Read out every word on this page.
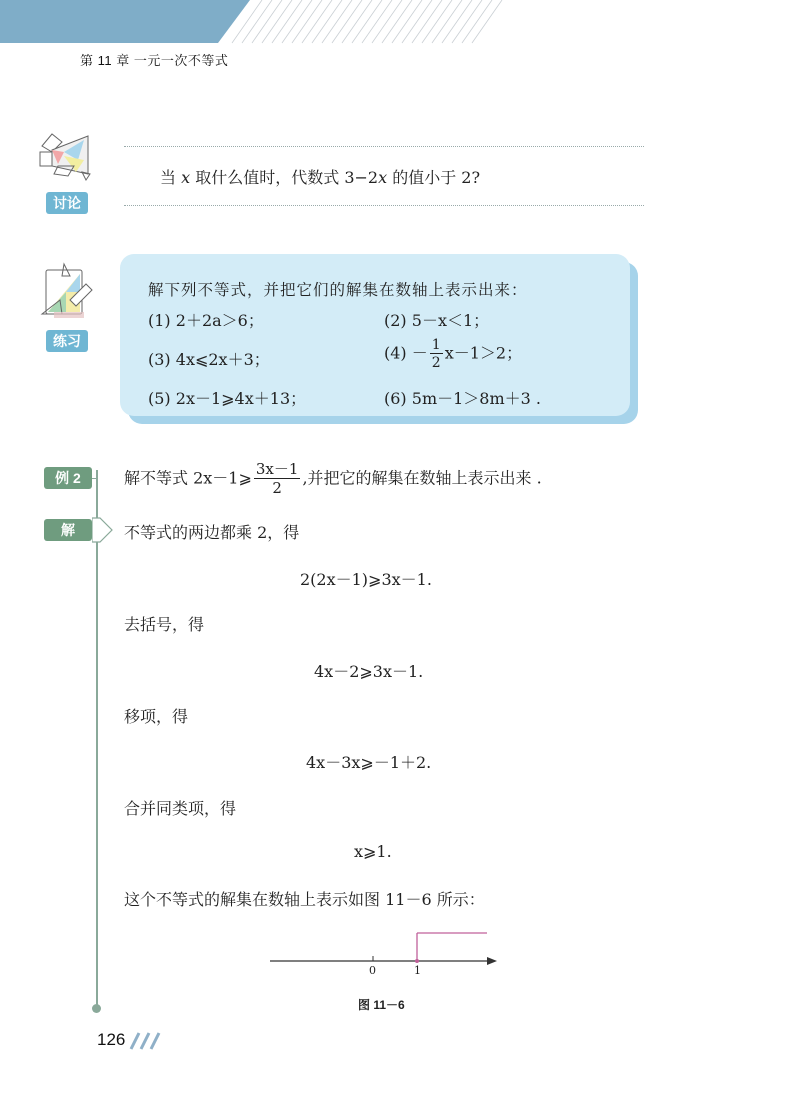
第 11 章 一元一次不等式
讨论
当 x 取什么值时，代数式 3−2x 的值小于 2?
练习
解下列不等式，并把它们的解集在数轴上表示出来：
(1) 2＋2a＞6；	(2) 5－x＜1；
(3) 4x⩽2x＋3；	$(4) - \frac{1}{2} x-1>2$；
(5) 2x－1⩾4x＋13；	(6) 5m－1＞8m＋3 .
例 2	解不等式 2x－1⩾ $\frac{3x-1}{2}$ ,并把它的解集在数轴上表示出来 .
解	不等式的两边都乘 2，得
2(2x－1)⩾3x－1.
去括号，得
4x－2⩾3x－1.
移项，得
4x－3x⩾－1＋2.
合并同类项，得
x⩾1.
这个不等式的解集在数轴上表示如图 11－6 所示：
0	1
图 11－6
126
